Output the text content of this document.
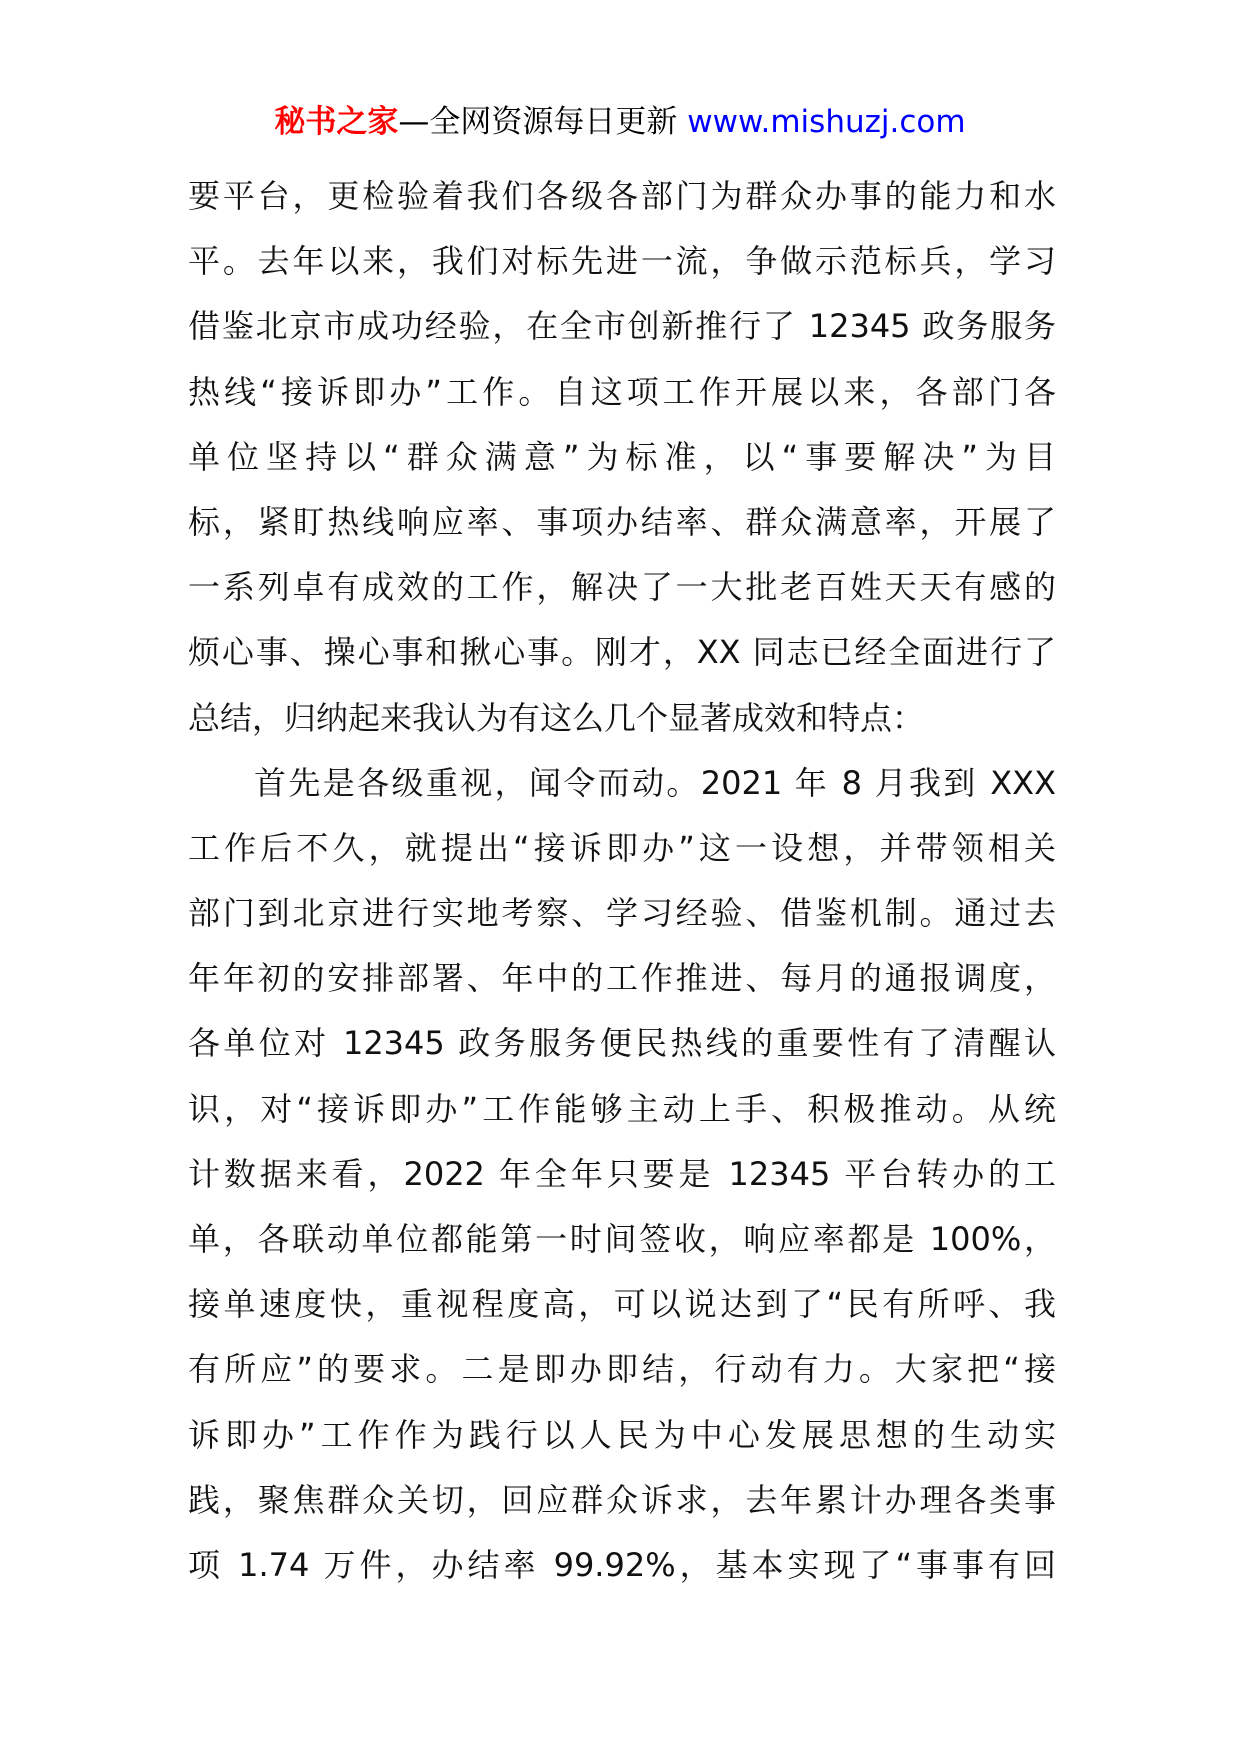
秘书之家—全网资源每日更新 www.mishuzj.com
要平台，更检验着我们各级各部门为群众办事的能力和水
平。去年以来，我们对标先进一流，争做示范标兵，学习
借鉴北京市成功经验，在全市创新推行了 12345 政务服务
热线“接诉即办”工作。自这项工作开展以来，各部门各
单位坚持以“群众满意”为标准，以“事要解决”为目
标，紧盯热线响应率、事项办结率、群众满意率，开展了
一系列卓有成效的工作，解决了一大批老百姓天天有感的
烦心事、操心事和揪心事。刚才，XX 同志已经全面进行了
总结，归纳起来我认为有这么几个显著成效和特点：
首先是各级重视，闻令而动。2021 年 8 月我到 XXX
工作后不久，就提出“接诉即办”这一设想，并带领相关
部门到北京进行实地考察、学习经验、借鉴机制。通过去
年年初的安排部署、年中的工作推进、每月的通报调度，
各单位对 12345 政务服务便民热线的重要性有了清醒认
识，对“接诉即办”工作能够主动上手、积极推动。从统
计数据来看，2022 年全年只要是 12345 平台转办的工
单，各联动单位都能第一时间签收，响应率都是 100%，
接单速度快，重视程度高，可以说达到了“民有所呼、我
有所应”的要求。二是即办即结，行动有力。大家把“接
诉即办”工作作为践行以人民为中心发展思想的生动实
践，聚焦群众关切，回应群众诉求，去年累计办理各类事
项 1.74 万件，办结率 99.92%，基本实现了“事事有回
